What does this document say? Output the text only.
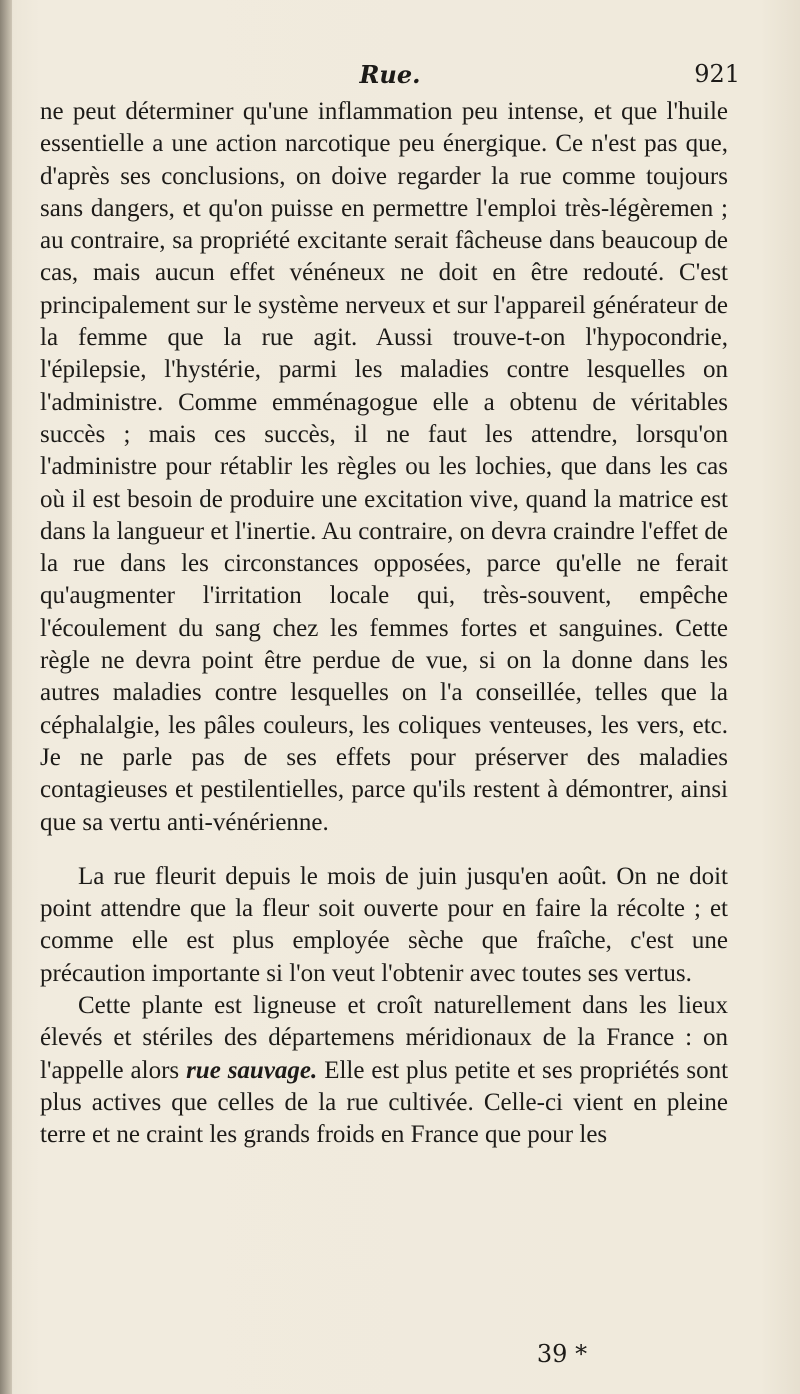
Rue.	921

ne peut déterminer qu'une inflammation peu intense, et que l'huile essentielle a une action narcotique peu énergique. Ce n'est pas que, d'après ses conclusions, on doive regarder la rue comme toujours sans dangers, et qu'on puisse en permettre l'emploi très-légèremen ; au contraire, sa propriété excitante serait fâcheuse dans beaucoup de cas, mais aucun effet vénéneux ne doit en être redouté. C'est principalement sur le système nerveux et sur l'appareil générateur de la femme que la rue agit. Aussi trouve-t-on l'hypocondrie, l'épilepsie, l'hystérie, parmi les maladies contre lesquelles on l'administre. Comme emménagogue elle a obtenu de véritables succès ; mais ces succès, il ne faut les attendre, lorsqu'on l'administre pour rétablir les règles ou les lochies, que dans les cas où il est besoin de produire une excitation vive, quand la matrice est dans la langueur et l'inertie. Au contraire, on devra craindre l'effet de la rue dans les circonstances opposées, parce qu'elle ne ferait qu'augmenter l'irritation locale qui, très-souvent, empêche l'écoulement du sang chez les femmes fortes et sanguines. Cette règle ne devra point être perdue de vue, si on la donne dans les autres maladies contre lesquelles on l'a conseillée, telles que la céphalalgie, les pâles couleurs, les coliques venteuses, les vers, etc. Je ne parle pas de ses effets pour préserver des maladies contagieuses et pestilentielles, parce qu'ils restent à démontrer, ainsi que sa vertu anti-vénérienne.

La rue fleurit depuis le mois de juin jusqu'en août. On ne doit point attendre que la fleur soit ouverte pour en faire la récolte ; et comme elle est plus employée sèche que fraîche, c'est une précaution importante si l'on veut l'obtenir avec toutes ses vertus.

Cette plante est ligneuse et croît naturellement dans les lieux élevés et stériles des départemens méridionaux de la France : on l'appelle alors rue sauvage. Elle est plus petite et ses propriétés sont plus actives que celles de la rue cultivée. Celle-ci vient en pleine terre et ne craint les grands froids en France que pour les

39 *
